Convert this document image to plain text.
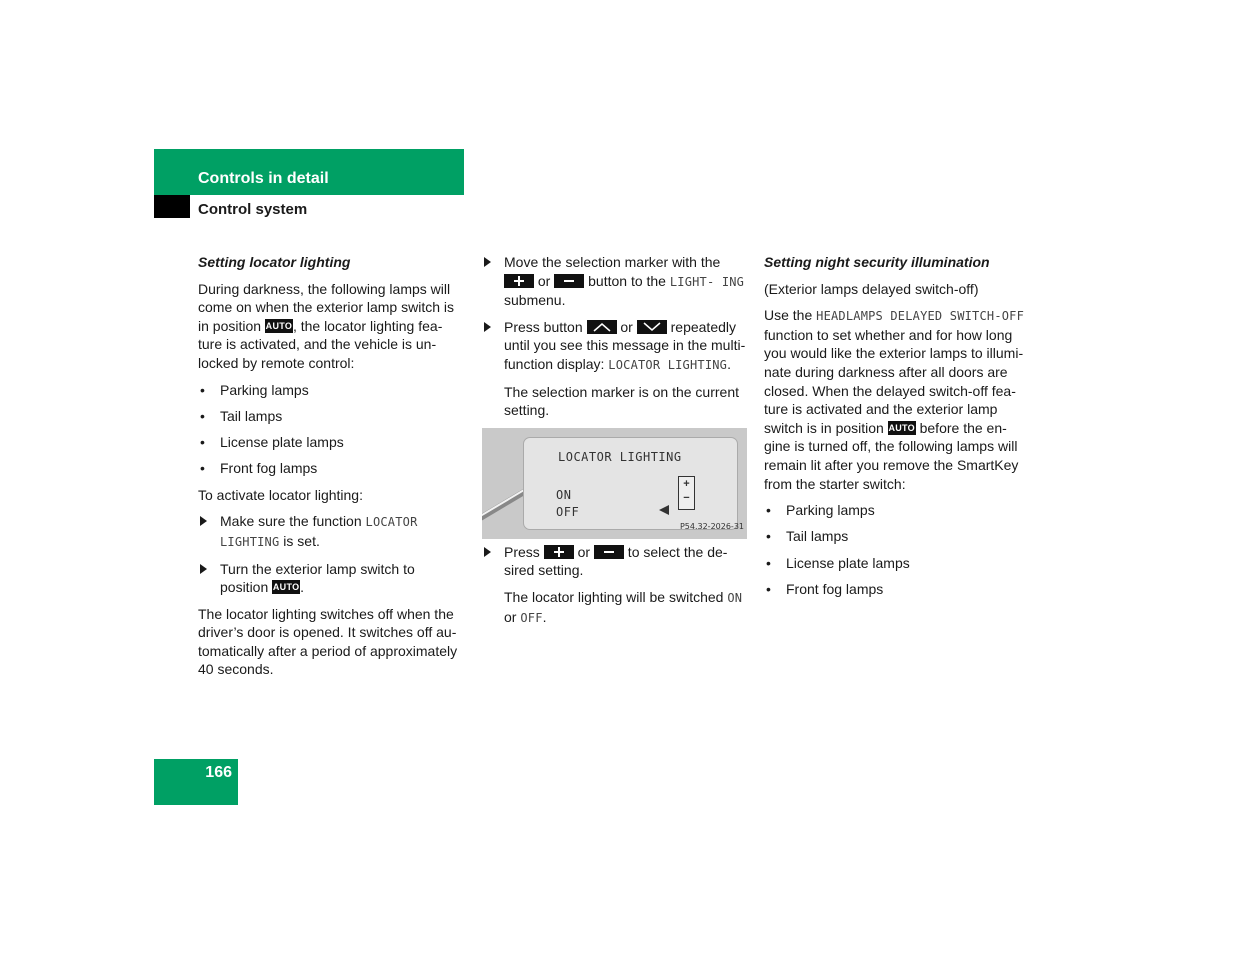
Controls in detail
Control system
Setting locator lighting

During darkness, the following lamps will come on when the exterior lamp switch is in position AUTO, the locator lighting fea- ture is activated, and the vehicle is un- locked by remote control:

• Parking lamps
• Tail lamps
• License plate lamps
• Front fog lamps

To activate locator lighting:

Make sure the function LOCATOR LIGHTING is set.
Turn the exterior lamp switch to position AUTO.

The locator lighting switches off when the driver’s door is opened. It switches off au- tomatically after a period of approximately 40 seconds.

Move the selection marker with the
or
button to the LIGHT- ING submenu.
Press button
or
repeatedly until you see this message in the multi- function display: LOCATOR LIGHTING.

The selection marker is on the current setting.

LOCATOR LIGHTING
ON
OFF
+
−
P54.32-2026-31
Press
or
to select the de- sired setting.

The locator lighting will be switched ON or OFF.

Setting night security illumination

(Exterior lamps delayed switch-off)

Use the HEADLAMPS DELAYED SWITCH-OFF function to set whether and for how long you would like the exterior lamps to illumi- nate during darkness after all doors are closed. When the delayed switch-off fea- ture is activated and the exterior lamp switch is in position AUTO before the en- gine is turned off, the following lamps will remain lit after you remove the SmartKey from the starter switch:

• Parking lamps
• Tail lamps
• License plate lamps
• Front fog lamps
166
